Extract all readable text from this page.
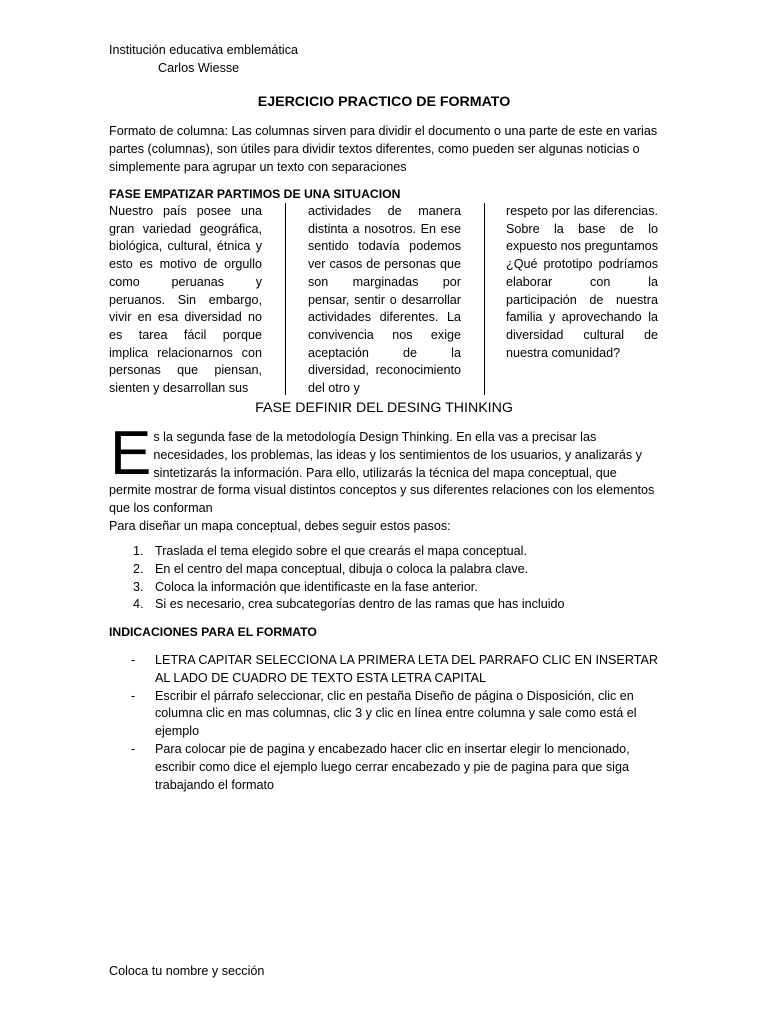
Institución educativa emblemática
Carlos Wiesse
EJERCICIO PRACTICO DE FORMATO
Formato de columna: Las columnas sirven para dividir el documento o una parte de este en varias partes (columnas), son útiles para dividir textos diferentes, como pueden ser algunas noticias o simplemente para agrupar un texto con separaciones
FASE EMPATIZAR PARTIMOS DE UNA SITUACION
Nuestro país posee una gran variedad geográfica, biológica, cultural, étnica y esto es motivo de orgullo como peruanas y peruanos. Sin embargo, vivir en esa diversidad no es tarea fácil porque implica relacionarnos con personas que piensan, sienten y desarrollan sus
actividades de manera distinta a nosotros. En ese sentido todavía podemos ver casos de personas que son marginadas por pensar, sentir o desarrollar actividades diferentes. La convivencia nos exige aceptación de la diversidad, reconocimiento del otro y
respeto por las diferencias. Sobre la base de lo expuesto nos preguntamos ¿Qué prototipo podríamos elaborar con la participación de nuestra familia y aprovechando la diversidad cultural de nuestra comunidad?
FASE DEFINIR DEL DESING THINKING
E s la segunda fase de la metodología Design Thinking. En ella vas a precisar las necesidades, los problemas, las ideas y los sentimientos de los usuarios, y analizarás y sintetizarás la información. Para ello, utilizarás la técnica del mapa conceptual, que permite mostrar de forma visual distintos conceptos y sus diferentes relaciones con los elementos que los conforman

Para diseñar un mapa conceptual, debes seguir estos pasos:

1. Traslada el tema elegido sobre el que crearás el mapa conceptual.
2. En el centro del mapa conceptual, dibuja o coloca la palabra clave.
3. Coloca la información que identificaste en la fase anterior.
4. Si es necesario, crea subcategorías dentro de las ramas que has incluido
INDICACIONES PARA EL FORMATO
- LETRA CAPITAR SELECCIONA LA PRIMERA LETA DEL PARRAFO CLIC EN INSERTAR AL LADO DE CUADRO DE TEXTO ESTA LETRA CAPITAL
- Escribir el párrafo seleccionar, clic en pestaña Diseño de página o Disposición, clic en columna clic en mas columnas, clic 3 y clic en línea entre columna y sale como está el ejemplo
- Para colocar pie de pagina y encabezado hacer clic en insertar elegir lo mencionado, escribir como dice el ejemplo luego cerrar encabezado y pie de pagina para que siga trabajando el formato
Coloca tu nombre y sección
